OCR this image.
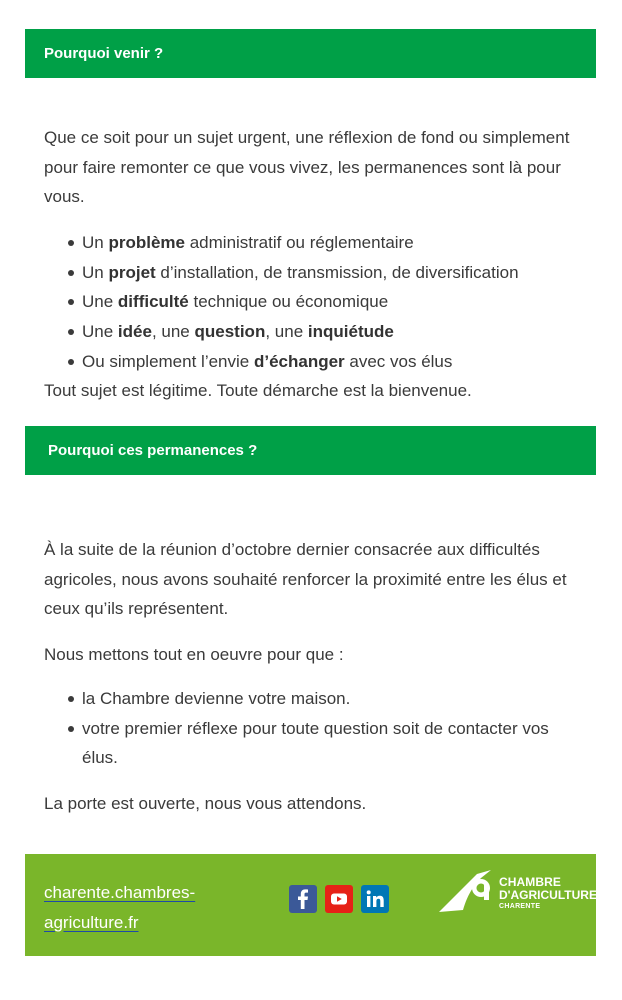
Pourquoi venir ?

Que ce soit pour un sujet urgent, une réflexion de fond ou simplement pour faire remonter ce que vous vivez, les permanences sont là pour vous.

Un problème administratif ou réglementaire
Un projet d’installation, de transmission, de diversification
Une difficulté technique ou économique
Une idée, une question, une inquiétude
Ou simplement l’envie d’échanger avec vos élus

Tout sujet est légitime. Toute démarche est la bienvenue.

Pourquoi ces permanences ?

À la suite de la réunion d’octobre dernier consacrée aux difficultés agricoles, nous avons souhaité renforcer la proximité entre les élus et ceux qu’ils représentent.

Nous mettons tout en oeuvre pour que :

la Chambre devienne votre maison.
votre premier réflexe pour toute question soit de contacter vos élus.

La porte est ouverte, nous vous attendons.

charente.chambres-agriculture.fr
CHAMBRE
D'AGRICULTURE
CHARENTE
